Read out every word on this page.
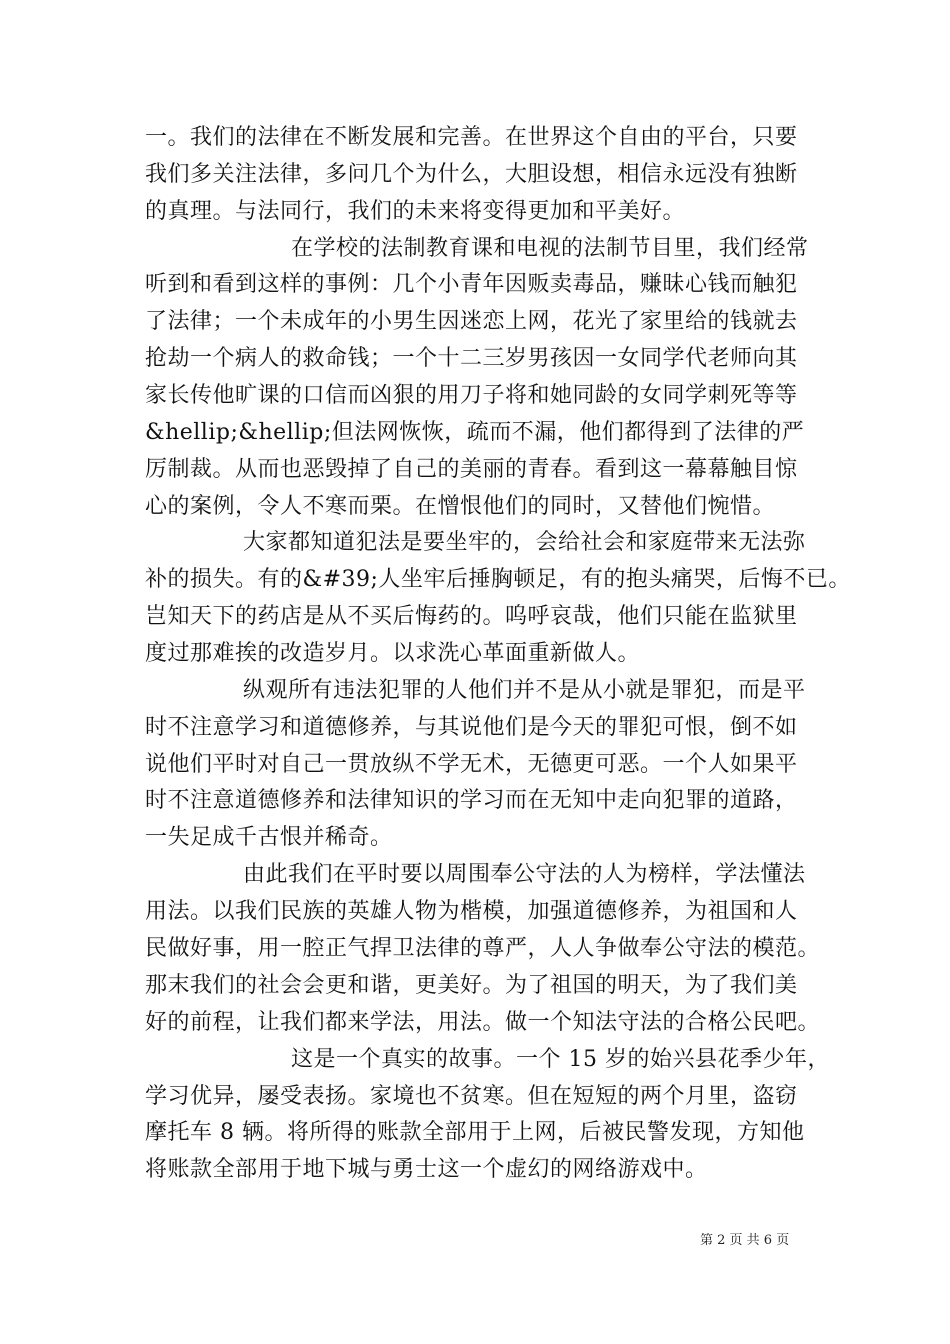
一。我们的法律在不断发展和完善。在世界这个自由的平台，只要
我们多关注法律，多问几个为什么，大胆设想，相信永远没有独断
的真理。与法同行，我们的未来将变得更加和平美好。
在学校的法制教育课和电视的法制节目里，我们经常
听到和看到这样的事例：几个小青年因贩卖毒品，赚昧心钱而触犯
了法律；一个未成年的小男生因迷恋上网，花光了家里给的钱就去
抢劫一个病人的救命钱；一个十二三岁男孩因一女同学代老师向其
家长传他旷课的口信而凶狠的用刀子将和她同龄的女同学刺死等等
&hellip;&hellip;但法网恢恢，疏而不漏，他们都得到了法律的严
厉制裁。从而也恶毁掉了自己的美丽的青春。看到这一幕幕触目惊
心的案例，令人不寒而栗。在憎恨他们的同时，又替他们惋惜。
大家都知道犯法是要坐牢的，会给社会和家庭带来无法弥
补的损失。有的&#39;人坐牢后捶胸顿足，有的抱头痛哭，后悔不已。
岂知天下的药店是从不买后悔药的。呜呼哀哉，他们只能在监狱里
度过那难挨的改造岁月。以求洗心革面重新做人。
纵观所有违法犯罪的人他们并不是从小就是罪犯，而是平
时不注意学习和道德修养，与其说他们是今天的罪犯可恨，倒不如
说他们平时对自己一贯放纵不学无术，无德更可恶。一个人如果平
时不注意道德修养和法律知识的学习而在无知中走向犯罪的道路，
一失足成千古恨并稀奇。
由此我们在平时要以周围奉公守法的人为榜样，学法懂法
用法。以我们民族的英雄人物为楷模，加强道德修养，为祖国和人
民做好事，用一腔正气捍卫法律的尊严，人人争做奉公守法的模范。
那末我们的社会会更和谐，更美好。为了祖国的明天，为了我们美
好的前程，让我们都来学法，用法。做一个知法守法的合格公民吧。
这是一个真实的故事。一个 15 岁的始兴县花季少年，
学习优异，屡受表扬。家境也不贫寒。但在短短的两个月里，盗窃
摩托车 8 辆。将所得的账款全部用于上网，后被民警发现，方知他
将账款全部用于地下城与勇士这一个虚幻的网络游戏中。
第 2 页 共 6 页
